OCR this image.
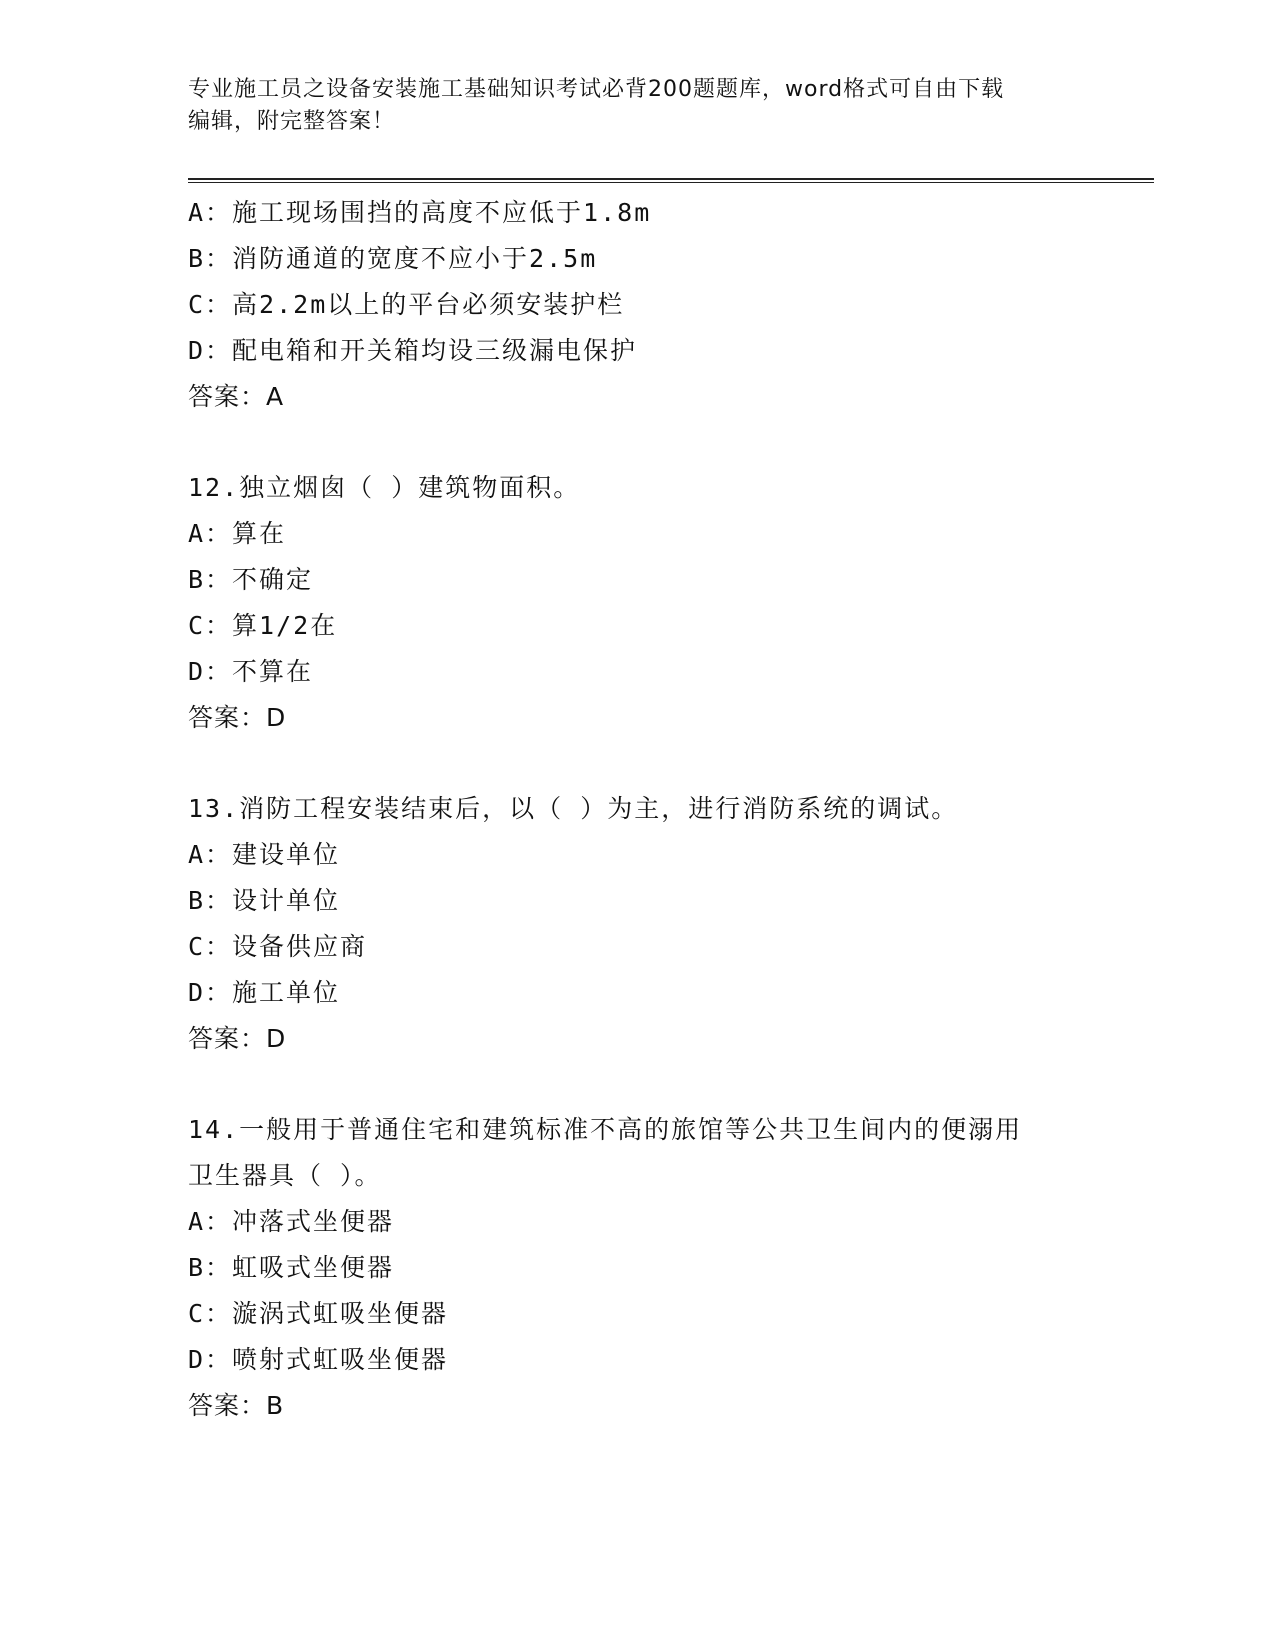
专业施工员之设备安装施工基础知识考试必背200题题库，word格式可自由下载
编辑，附完整答案！
A：施工现场围挡的高度不应低于1.8m
B：消防通道的宽度不应小于2.5m
C：高2.2m以上的平台必须安装护栏
D：配电箱和开关箱均设三级漏电保护
答案：A
12.独立烟囱（ ）建筑物面积。
A：算在
B：不确定
C：算1/2在
D：不算在
答案：D
13.消防工程安装结束后，以（ ）为主，进行消防系统的调试。
A：建设单位
B：设计单位
C：设备供应商
D：施工单位
答案：D
14.一般用于普通住宅和建筑标准不高的旅馆等公共卫生间内的便溺用
卫生器具（ ）。
A：冲落式坐便器
B：虹吸式坐便器
C：漩涡式虹吸坐便器
D：喷射式虹吸坐便器
答案：B
